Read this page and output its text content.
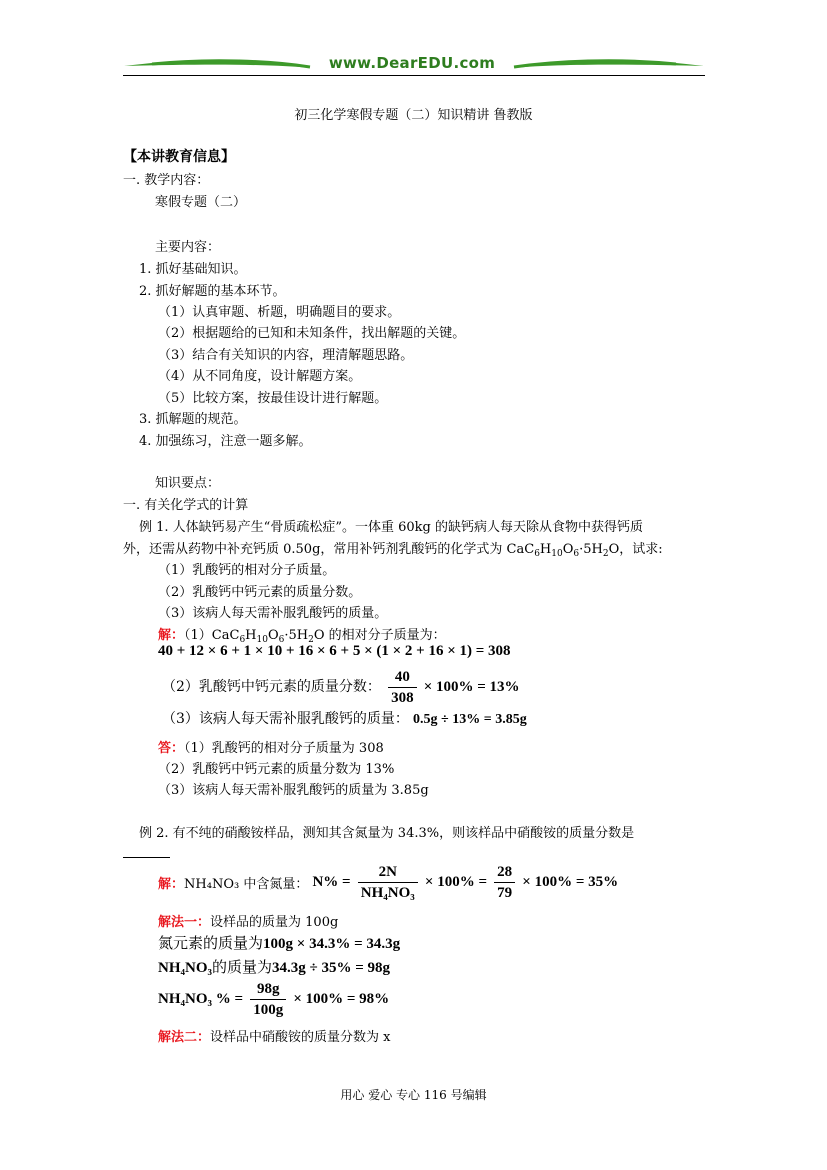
www.DearEDU.com
初三化学寒假专题（二）知识精讲 鲁教版
【本讲教育信息】
一. 教学内容：
寒假专题（二）
主要内容：
1. 抓好基础知识。
2. 抓好解题的基本环节。
（1）认真审题、析题，明确题目的要求。
（2）根据题给的已知和未知条件，找出解题的关键。
（3）结合有关知识的内容，理清解题思路。
（4）从不同角度，设计解题方案。
（5）比较方案，按最佳设计进行解题。
3. 抓解题的规范。
4. 加强练习，注意一题多解。
知识要点：
一. 有关化学式的计算
例 1. 人体缺钙易产生“骨质疏松症”。一体重 60kg 的缺钙病人每天除从食物中获得钙质
外，还需从药物中补充钙质 0.50g，常用补钙剂乳酸钙的化学式为 $CaC_6H_{10}O_6\cdot 5H_2O$，试求:
（1）乳酸钙的相对分子质量。
（2）乳酸钙中钙元素的质量分数。
（3）该病人每天需补服乳酸钙的质量。
解：$(1)CaC_6H_{10}O_6\cdot 5H_2O$ 的相对分子质量为：
40 + 12 × 6 + 1 × 10 + 16 × 6 + 5 × (1 × 2 + 16 × 1) = 308
（2）乳酸钙中钙元素的质量分数： $\frac{40}{308} \times 100\% = 13\%$
（3）该病人每天需补服乳酸钙的质量： 0.5g ÷ 13% = 3.85g
答：（1）乳酸钙的相对分子质量为 308
（2）乳酸钙中钙元素的质量分数为 13%
（3）该病人每天需补服乳酸钙的质量为 3.85g
例 2. 有不纯的硝酸铵样品，测知其含氮量为 34.3%，则该样品中硝酸铵的质量分数是
解：NH₄NO₃ 中含氮量： $N\% = \frac{2N}{\text{NH₄NO₃}} \times 100\% = \frac{28}{79} \times 100\% = 35\%$
解法一：设样品的质量为 100g
氮元素的质量为100g × 34.3% = 34.3g
NH₄NO₃的质量为34.3g ÷ 35% = 98g
NH₄NO₃ % = $\frac{98g}{100g} \times 100\% = 98\%$
解法二：设样品中硝酸铵的质量分数为 x
用心 爱心 专心 116 号编辑
